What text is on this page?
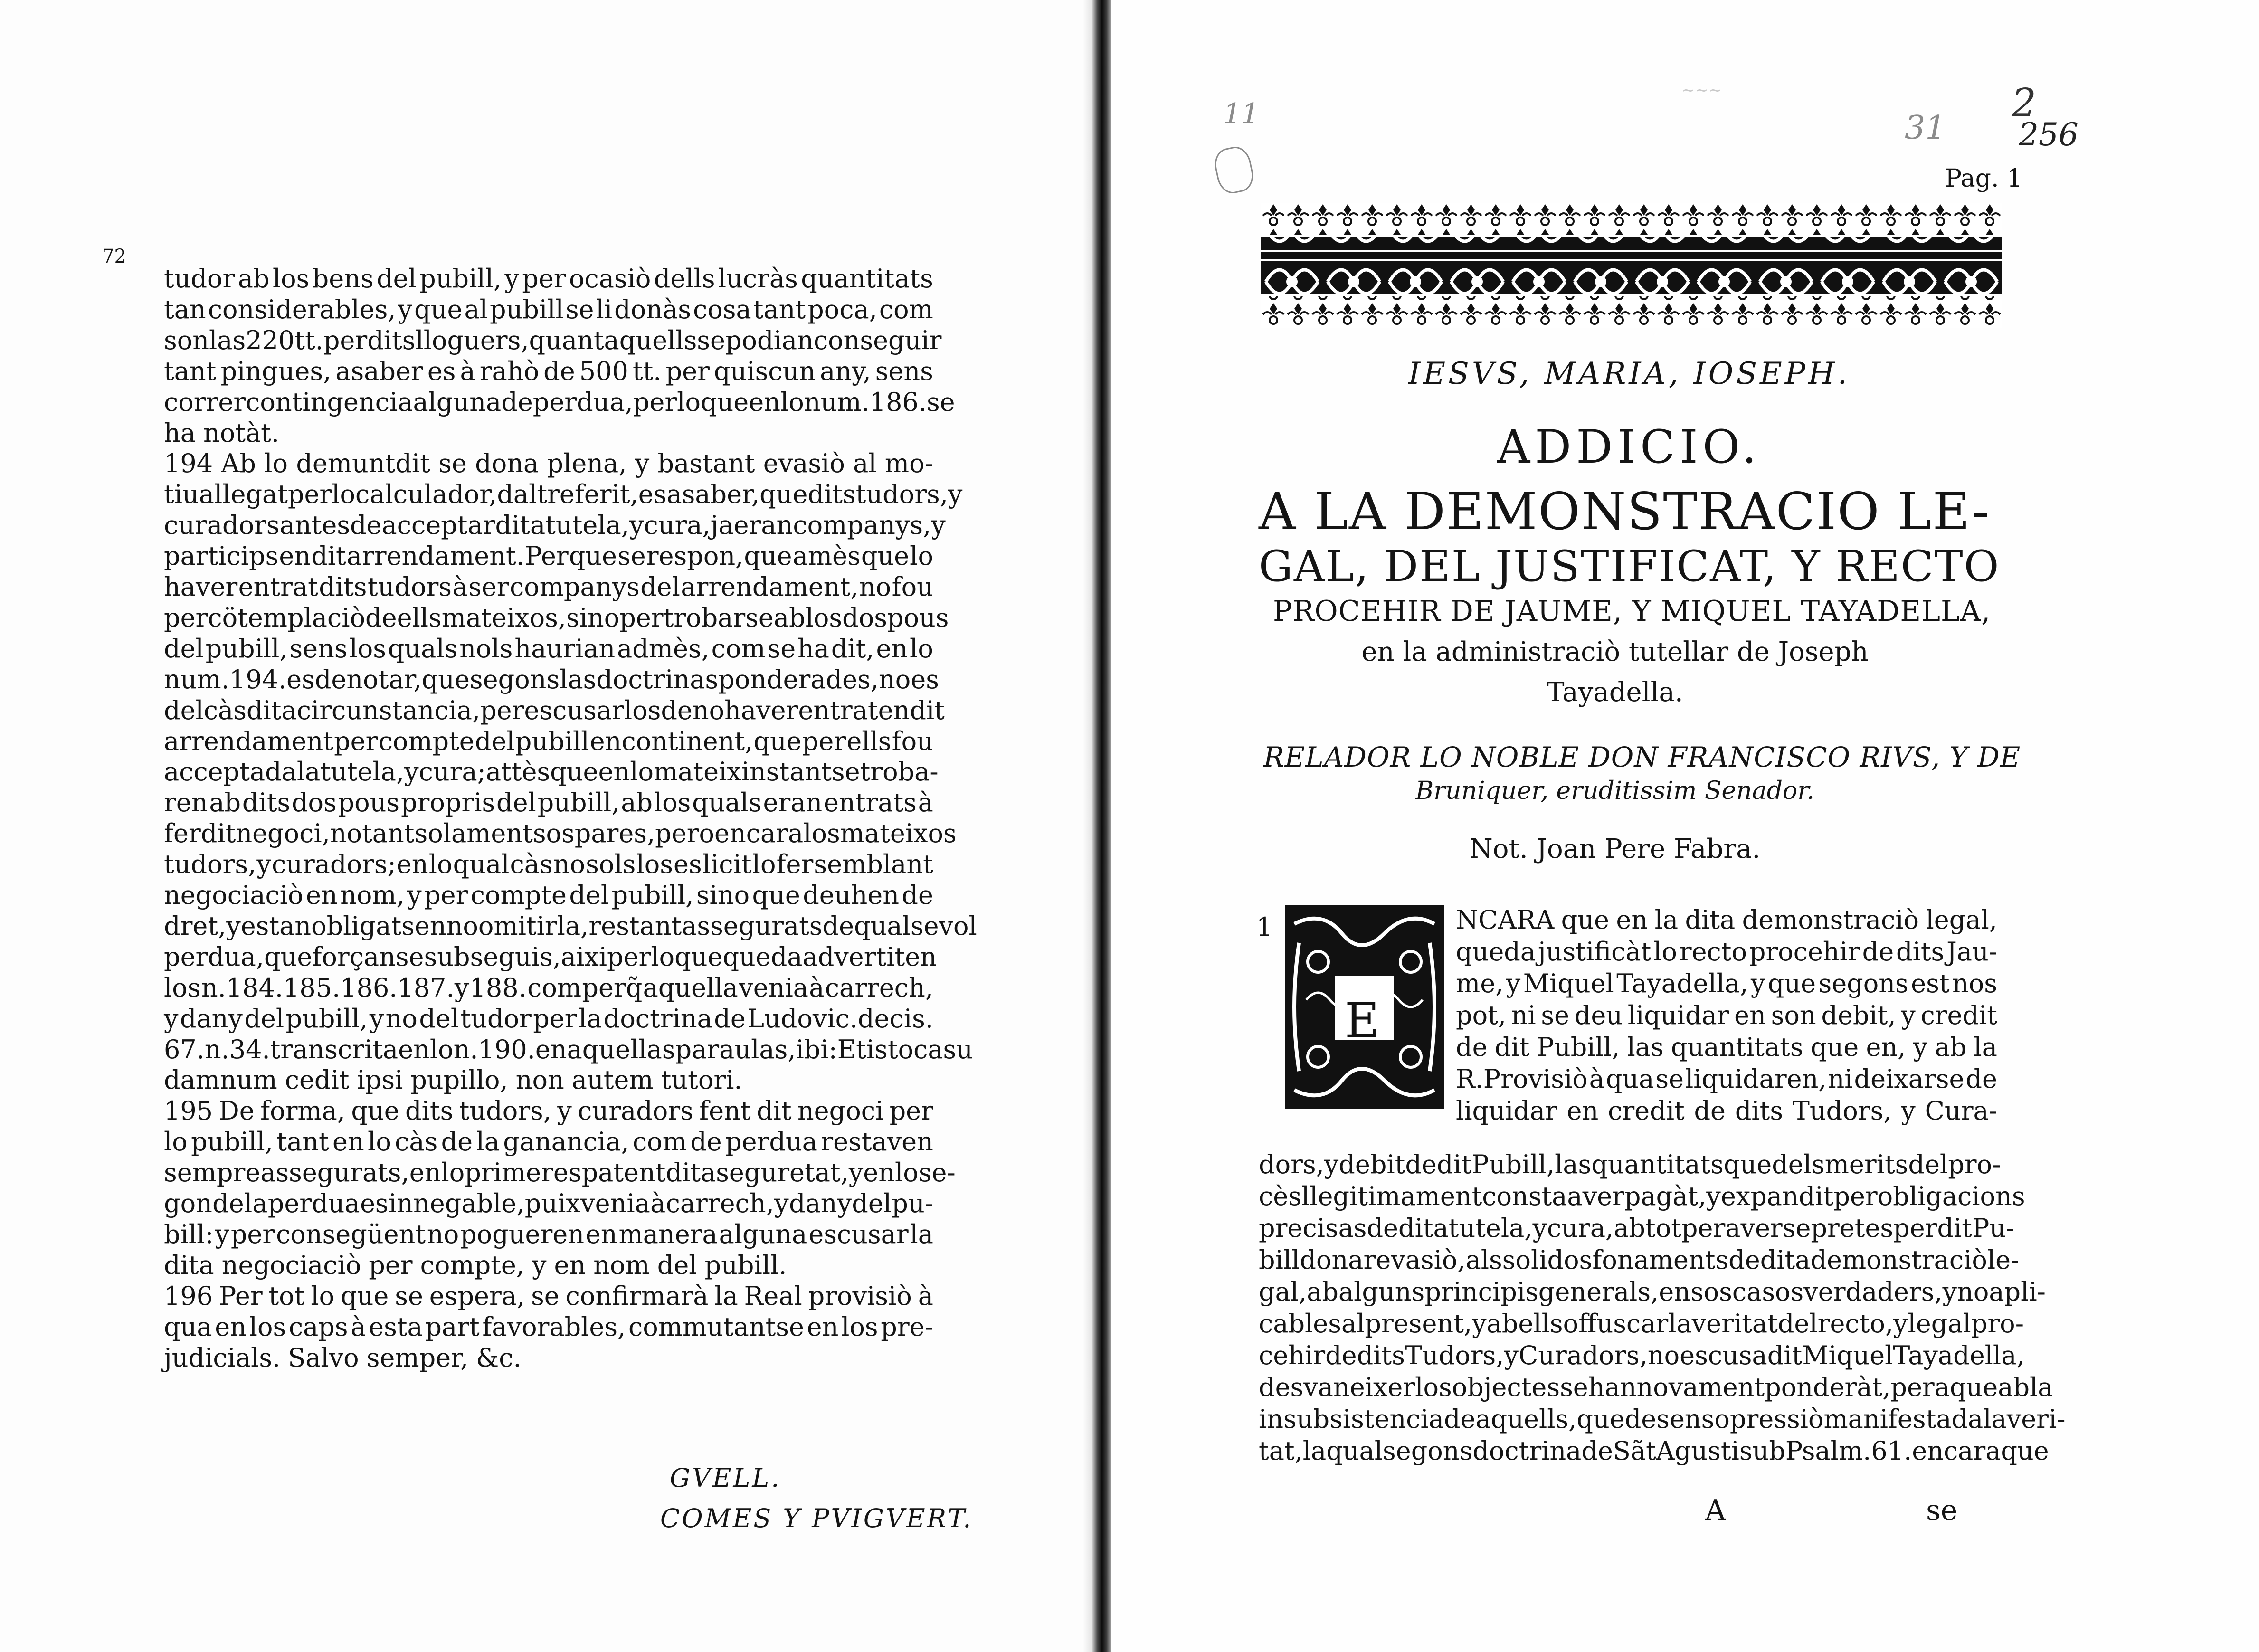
72
tudor ab los bens del pubill, y per ocasiò dells lucràs quantitats
tan considerables, y que al pubill se li donàs cosa tant poca, com
son las 220 tt. per dits lloguers, quant aquells se podian conseguir
tant pingues, asaber es à rahò de 500 tt. per quiscun any, sens
correr contingencia alguna de perdua, per lo que en lo num.186. se
ha notàt.
194 Ab lo demuntdit se dona plena, y bastant evasiò al mo-
tiu allegat per lo calculador, dalt referit, es asaber, que dits tudors, y
curadors antes de acceptar dita tutela, y cura, ja eran companys, y
particips en dit arrendament. Per que se respon, que amès que lo
haver entrat dits tudors à ser companys del arrendament, no fou
per cötemplaciò de ells mateixos, sino per trobarse ab los dos pous
del pubill, sens los quals nols haurian admès, com se ha dit, en lo
num.194. es de notar, que segons las doctrinas ponderades, no es
del càs dita circunstancia, per escusarlos de no haver entrat en dit
arrendament per compte del pubill encontinent, que per ells fou
acceptada la tutela, y cura; attès que en lo mateix instant se troba-
ren ab dits dos pous propris del pubill, ab los quals eran entrats à
fer dit negoci, no tantsolament sos pares, pero encara los mateixos
tudors, y curadors; en lo qual càs no sols los es licit lo fer semblant
negociaciò en nom, y per compte del pubill, sino que deuhen de
dret, y estan obligats en no omitirla, restant assegurats de qualsevol
perdua, que forçan se subseguis, aixi per lo que queda advertit en
los n.184.185.186.187.y 188. com perq̃ aquella venia à carrech,
y dany del pubill, y no del tudor per la doctrina de Ludovic.decis.
67.n.34. transcrita en lo n.190. en aquellas parau las, ibi: Et isto casu
damnum cedit ipsi pupillo, non autem tutori.
195 De forma, que dits tudors, y curadors fent dit negoci per
lo pubill, tant en lo càs de la ganancia, com de perdua restaven
sempre assegurats, en lo primer es patent dita seguretat, y en lo se-
gon de la perdua es innegable, puix venia à carrech, y dany del pu-
bill: y per consegüent no pogueren en manera alguna escusar la
dita negociaciò per compte, y en nom del pubill.
196 Per tot lo que se espera, se confirmarà la Real provisiò à
qua en los caps à esta part favorables, commutantse en los pre-
judicials. Salvo semper, &c.
GVELL.
COMES Y PVIGVERT.
11
~~~
31
2
256
Pag. 1
IESVS, MARIA, IOSEPH.
ADDICIO.
A LA DEMONSTRACIO LE-
GAL, DEL JUSTIFICAT, Y RECTO
PROCEHIR DE JAUME, Y MIQUEL TAYADELLA,
en la administraciò tutellar de Joseph
Tayadella.
RELADOR LO NOBLE DON FRANCISCO RIVS, Y DE
Bruniquer, eruditissim Senador.
Not. Joan Pere Fabra.
1
E
NCARA que en la dita demonstraciò legal,
queda justificàt lo recto procehir de dits Jau-
me, y Miquel Tayadella, y que segons est nos
pot, ni se deu liquidar en son debit, y credit
de dit Pubill, las quantitats que en, y ab la
R.Provisiò à qua se liquidaren, ni deixarse de
liquidar en credit de dits Tudors, y Cura-
dors, y debit de dit Pubill, las quantitats que dels merits del pro-
cès llegitimament consta aver pagàt, y expandit per obligacions
precisas de dita tutela, y cura, ab tot per averse pretes per dit Pu-
bill donar evasiò, als solidos fonaments de dita demonstraciò le-
gal, ab alguns principis generals, en sos casos verdaders, y no apli-
cables al present, y ab ells offuscar la veritat del recto, y legal pro-
cehir de dits Tudors, y Curadors, no escusa dit Miquel Tayadella,
desvaneixer los objectes se han novament ponderàt, pera que ab la
insubsistencia de aquells, quede sens opressiò manifestada la veri-
tat, la qual segons doctrina de Sãt Agusti sub Psalm.61. encara que
A	se
